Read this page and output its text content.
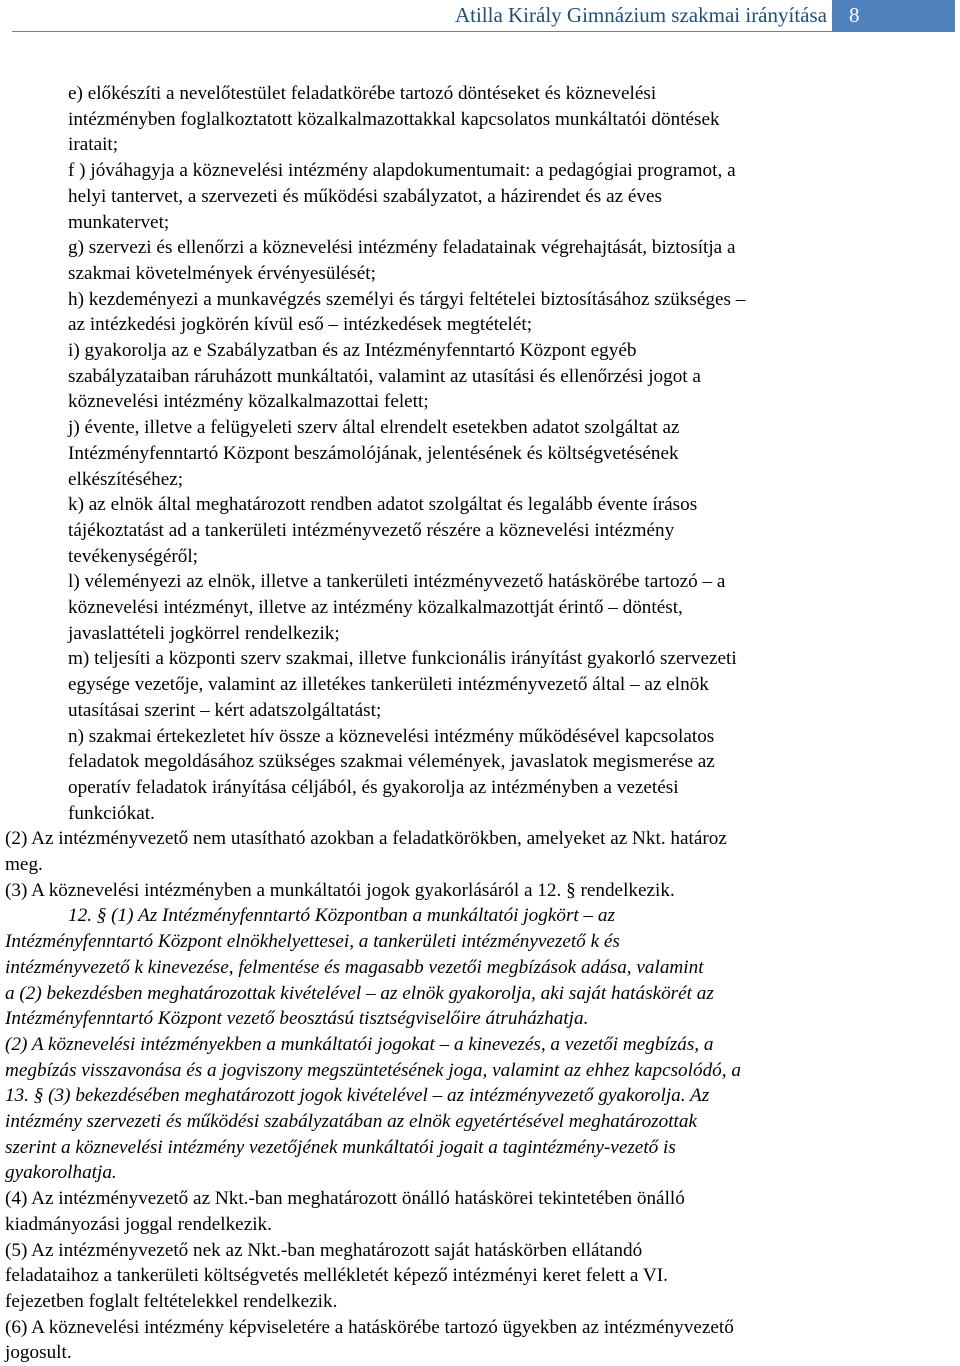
Atilla Király Gimnázium szakmai irányítása 8
e) előkészíti a nevelőtestület feladatkörébe tartozó döntéseket és köznevelési
intézményben foglalkoztatott közalkalmazottakkal kapcsolatos munkáltatói döntések
iratait;
f ) jóváhagyja a köznevelési intézmény alapdokumentumait: a pedagógiai programot, a
helyi tantervet, a szervezeti és működési szabályzatot, a házirendet és az éves
munkatervet;
g) szervezi és ellenőrzi a köznevelési intézmény feladatainak végrehajtását, biztosítja a
szakmai követelmények érvényesülését;
h) kezdeményezi a munkavégzés személyi és tárgyi feltételei biztosításához szükséges –
az intézkedési jogkörén kívül eső – intézkedések megtételét;
i) gyakorolja az e Szabályzatban és az Intézményfenntartó Központ egyéb
szabályzataiban ráruházott munkáltatói, valamint az utasítási és ellenőrzési jogot a
köznevelési intézmény közalkalmazottai felett;
j) évente, illetve a felügyeleti szerv által elrendelt esetekben adatot szolgáltat az
Intézményfenntartó Központ beszámolójának, jelentésének és költségvetésének
elkészítéséhez;
k) az elnök által meghatározott rendben adatot szolgáltat és legalább évente írásos
tájékoztatást ad a tankerületi intézményvezető részére a köznevelési intézmény
tevékenységéről;
l) véleményezi az elnök, illetve a tankerületi intézményvezető hatáskörébe tartozó – a
köznevelési intézményt, illetve az intézmény közalkalmazottját érintő – döntést,
javaslattételi jogkörrel rendelkezik;
m) teljesíti a központi szerv szakmai, illetve funkcionális irányítást gyakorló szervezeti
egysége vezetője, valamint az illetékes tankerületi intézményvezető által – az elnök
utasításai szerint – kért adatszolgáltatást;
n) szakmai értekezletet hív össze a köznevelési intézmény működésével kapcsolatos
feladatok megoldásához szükséges szakmai vélemények, javaslatok megismerése az
operatív feladatok irányítása céljából, és gyakorolja az intézményben a vezetési
funkciókat.
(2) Az intézményvezető nem utasítható azokban a feladatkörökben, amelyeket az Nkt. határoz
meg.
(3) A köznevelési intézményben a munkáltatói jogok gyakorlásáról a 12. § rendelkezik.
12. § (1) Az Intézményfenntartó Központban a munkáltatói jogkört – az
Intézményfenntartó Központ elnökhelyettesei, a tankerületi intézményvezető k és
intézményvezető k kinevezése, felmentése és magasabb vezetői megbízások adása, valamint
a (2) bekezdésben meghatározottak kivételével – az elnök gyakorolja, aki saját hatáskörét az
Intézményfenntartó Központ vezető beosztású tisztségviselőire átruházhatja.
(2) A köznevelési intézményekben a munkáltatói jogokat – a kinevezés, a vezetői megbízás, a
megbízás visszavonása és a jogviszony megszüntetésének joga, valamint az ehhez kapcsolódó, a
13. § (3) bekezdésében meghatározott jogok kivételével – az intézményvezető gyakorolja. Az
intézmény szervezeti és működési szabályzatában az elnök egyetértésével meghatározottak
szerint a köznevelési intézmény vezetőjének munkáltatói jogait a tagintézmény-vezető is
gyakorolhatja.
(4) Az intézményvezető az Nkt.-ban meghatározott önálló hatáskörei tekintetében önálló
kiadmányozási joggal rendelkezik.
(5) Az intézményvezető nek az Nkt.-ban meghatározott saját hatáskörben ellátandó
feladataihoz a tankerületi költségvetés mellékletét képező intézményi keret felett a VI.
fejezetben foglalt feltételekkel rendelkezik.
(6) A köznevelési intézmény képviseletére a hatáskörébe tartozó ügyekben az intézményvezető
jogosult.
